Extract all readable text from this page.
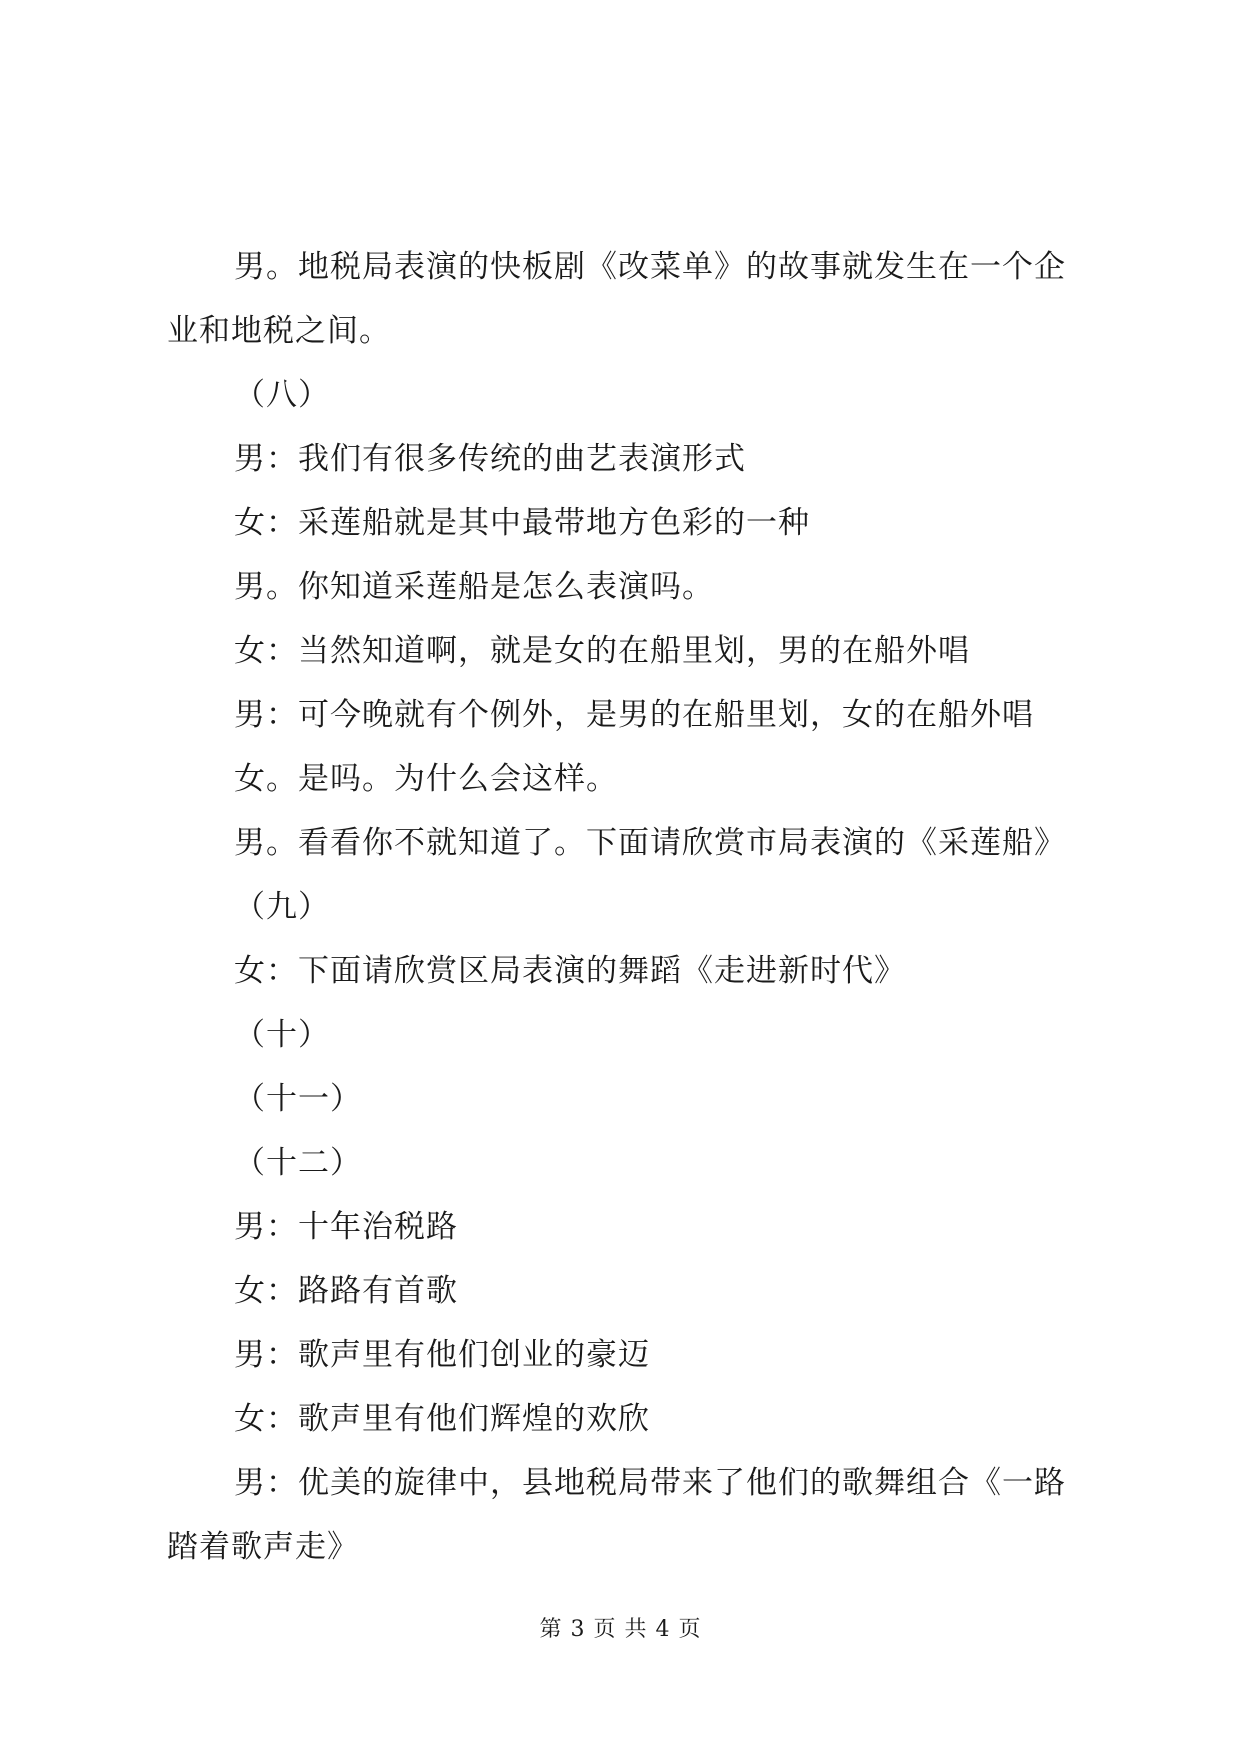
男。地税局表演的快板剧《改菜单》的故事就发生在一个企
业和地税之间。
（八）
男：我们有很多传统的曲艺表演形式
女：采莲船就是其中最带地方色彩的一种
男。你知道采莲船是怎么表演吗。
女：当然知道啊，就是女的在船里划，男的在船外唱
男：可今晚就有个例外，是男的在船里划，女的在船外唱
女。是吗。为什么会这样。
男。看看你不就知道了。下面请欣赏市局表演的《采莲船》
（九）
女：下面请欣赏区局表演的舞蹈《走进新时代》
（十）
（十一）
（十二）
男：十年治税路
女：路路有首歌
男：歌声里有他们创业的豪迈
女：歌声里有他们辉煌的欢欣
男：优美的旋律中，县地税局带来了他们的歌舞组合《一路
踏着歌声走》
第 3 页 共 4 页
